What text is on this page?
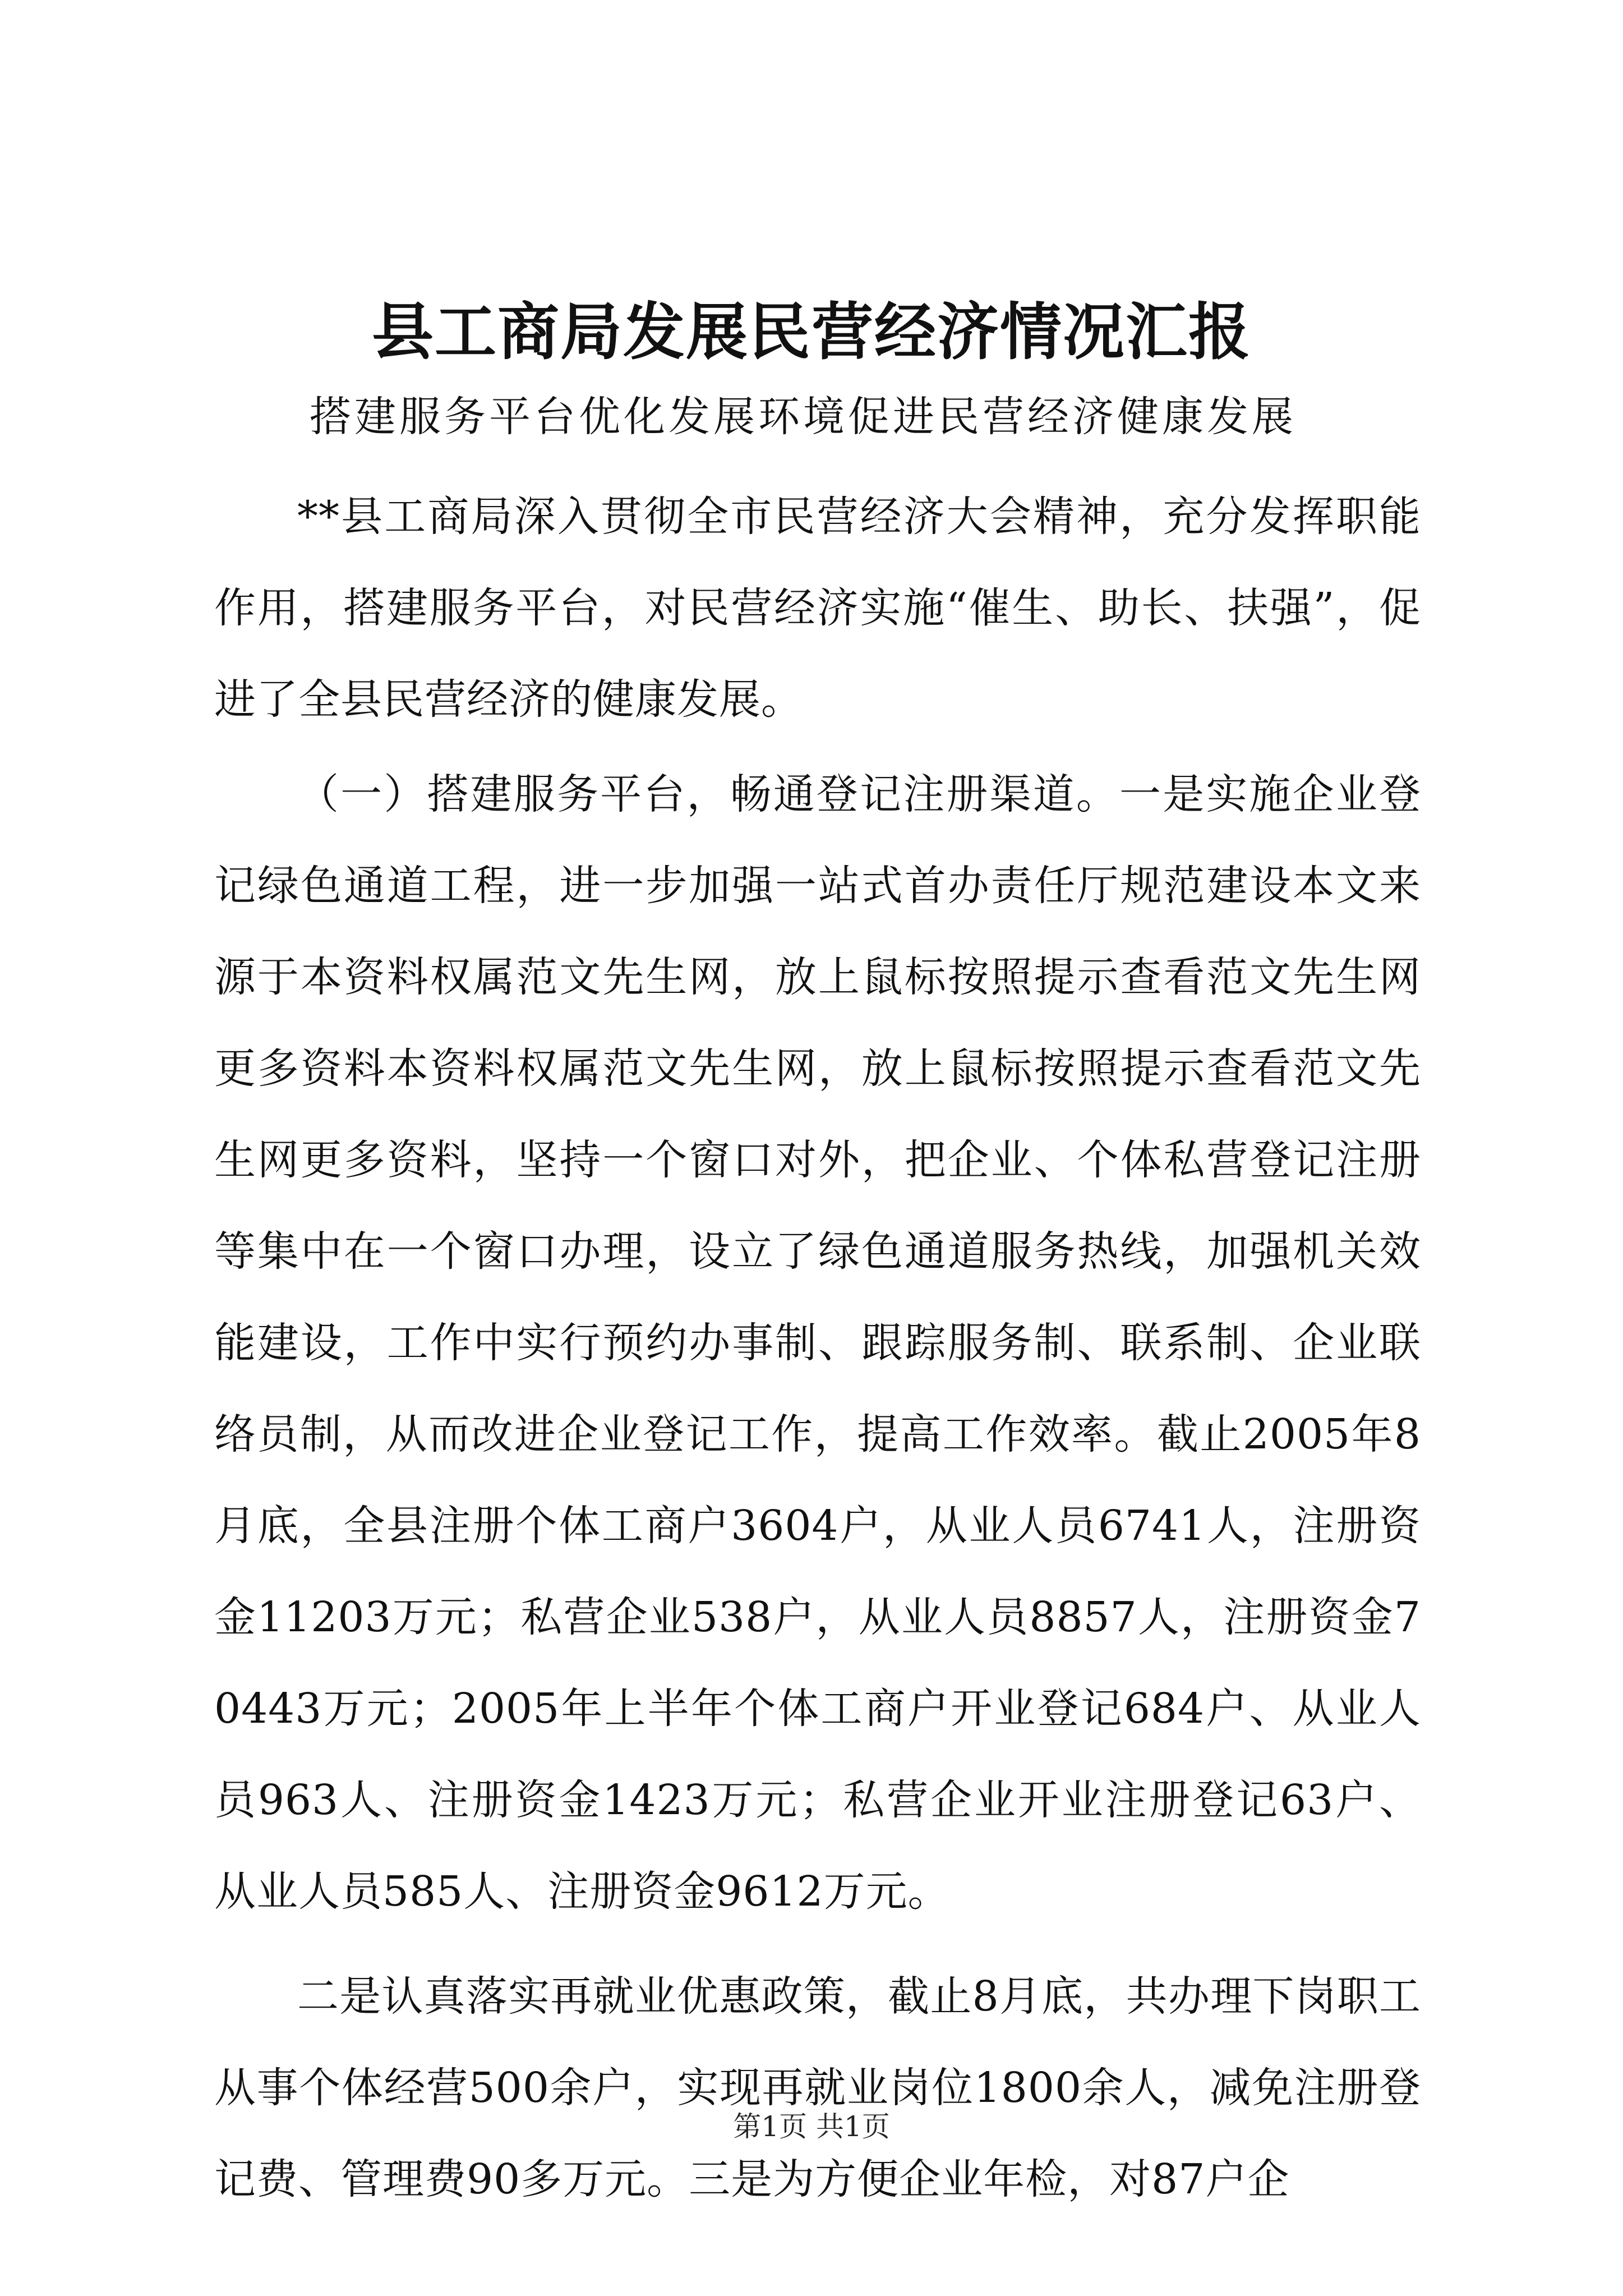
县工商局发展民营经济情况汇报

搭建服务平台优化发展环境促进民营经济健康发展

**县工商局深入贯彻全市民营经济大会精神，充分发挥职能作用，搭建服务平台，对民营经济实施“催生、助长、扶强”，促进了全县民营经济的健康发展。

（一）搭建服务平台，畅通登记注册渠道。一是实施企业登记绿色通道工程，进一步加强一站式首办责任厅规范建设本文来源于本资料权属范文先生网，放上鼠标按照提示查看范文先生网更多资料本资料权属范文先生网，放上鼠标按照提示查看范文先生网更多资料，坚持一个窗口对外，把企业、个体私营登记注册等集中在一个窗口办理，设立了绿色通道服务热线，加强机关效能建设，工作中实行预约办事制、跟踪服务制、联系制、企业联络员制，从而改进企业登记工作，提高工作效率。截止2005年8月底，全县注册个体工商户3604户，从业人员6741人，注册资金11203万元；私营企业538户，从业人员8857人，注册资金70443万元；2005年上半年个体工商户开业登记684户、从业人员963人、注册资金1423万元；私营企业开业注册登记63户、从业人员585人、注册资金9612万元。

二是认真落实再就业优惠政策，截止8月底，共办理下岗职工从事个体经营500余户，实现再就业岗位1800余人，减免注册登记费、管理费90多万元。三是为方便企业年检，对87户企

第1页 共1页
